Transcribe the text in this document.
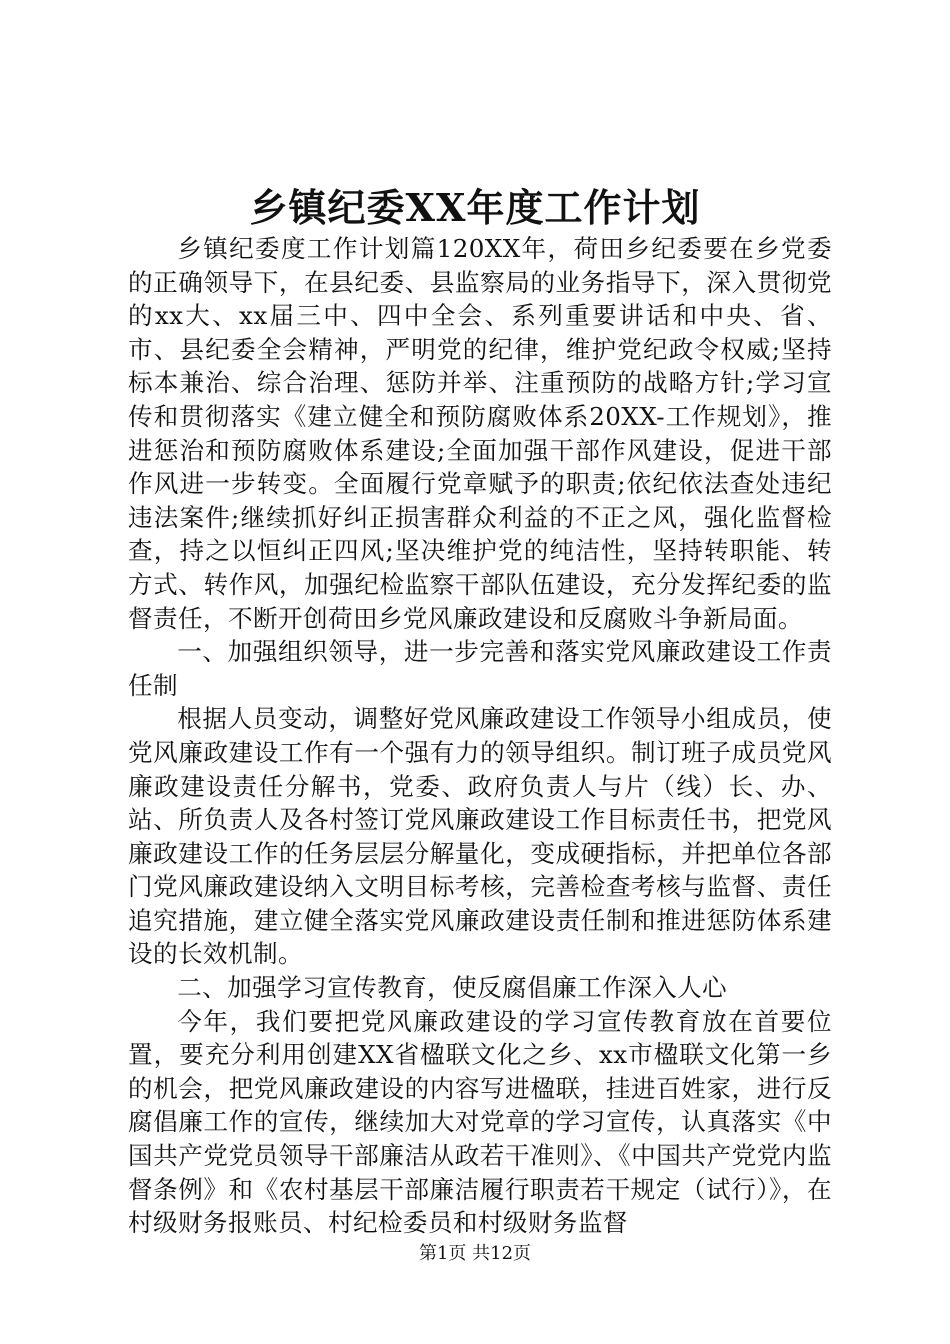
乡镇纪委XX年度工作计划

乡镇纪委度工作计划篇120XX年，荷田乡纪委要在乡党委的正确领导下，在县纪委、县监察局的业务指导下，深入贯彻党的xx大、xx届三中、四中全会、系列重要讲话和中央、省、市、县纪委全会精神，严明党的纪律，维护党纪政令权威;坚持标本兼治、综合治理、惩防并举、注重预防的战略方针;学习宣传和贯彻落实《建立健全和预防腐败体系20XX-工作规划》，推进惩治和预防腐败体系建设;全面加强干部作风建设，促进干部作风进一步转变。全面履行党章赋予的职责;依纪依法查处违纪违法案件;继续抓好纠正损害群众利益的不正之风，强化监督检查，持之以恒纠正四风;坚决维护党的纯洁性，坚持转职能、转方式、转作风，加强纪检监察干部队伍建设，充分发挥纪委的监督责任，不断开创荷田乡党风廉政建设和反腐败斗争新局面。

一、加强组织领导，进一步完善和落实党风廉政建设工作责任制

根据人员变动，调整好党风廉政建设工作领导小组成员，使党风廉政建设工作有一个强有力的领导组织。制订班子成员党风廉政建设责任分解书，党委、政府负责人与片（线）长、办、站、所负责人及各村签订党风廉政建设工作目标责任书，把党风廉政建设工作的任务层层分解量化，变成硬指标，并把单位各部门党风廉政建设纳入文明目标考核，完善检查考核与监督、责任追究措施，建立健全落实党风廉政建设责任制和推进惩防体系建设的长效机制。

二、加强学习宣传教育，使反腐倡廉工作深入人心

今年，我们要把党风廉政建设的学习宣传教育放在首要位置，要充分利用创建XX省楹联文化之乡、xx市楹联文化第一乡的机会，把党风廉政建设的内容写进楹联，挂进百姓家，进行反腐倡廉工作的宣传，继续加大对党章的学习宣传，认真落实《中国共产党党员领导干部廉洁从政若干准则》、《中国共产党党内监督条例》和《农村基层干部廉洁履行职责若干规定（试行）》，在村级财务报账员、村纪检委员和村级财务监督

第1页 共12页
